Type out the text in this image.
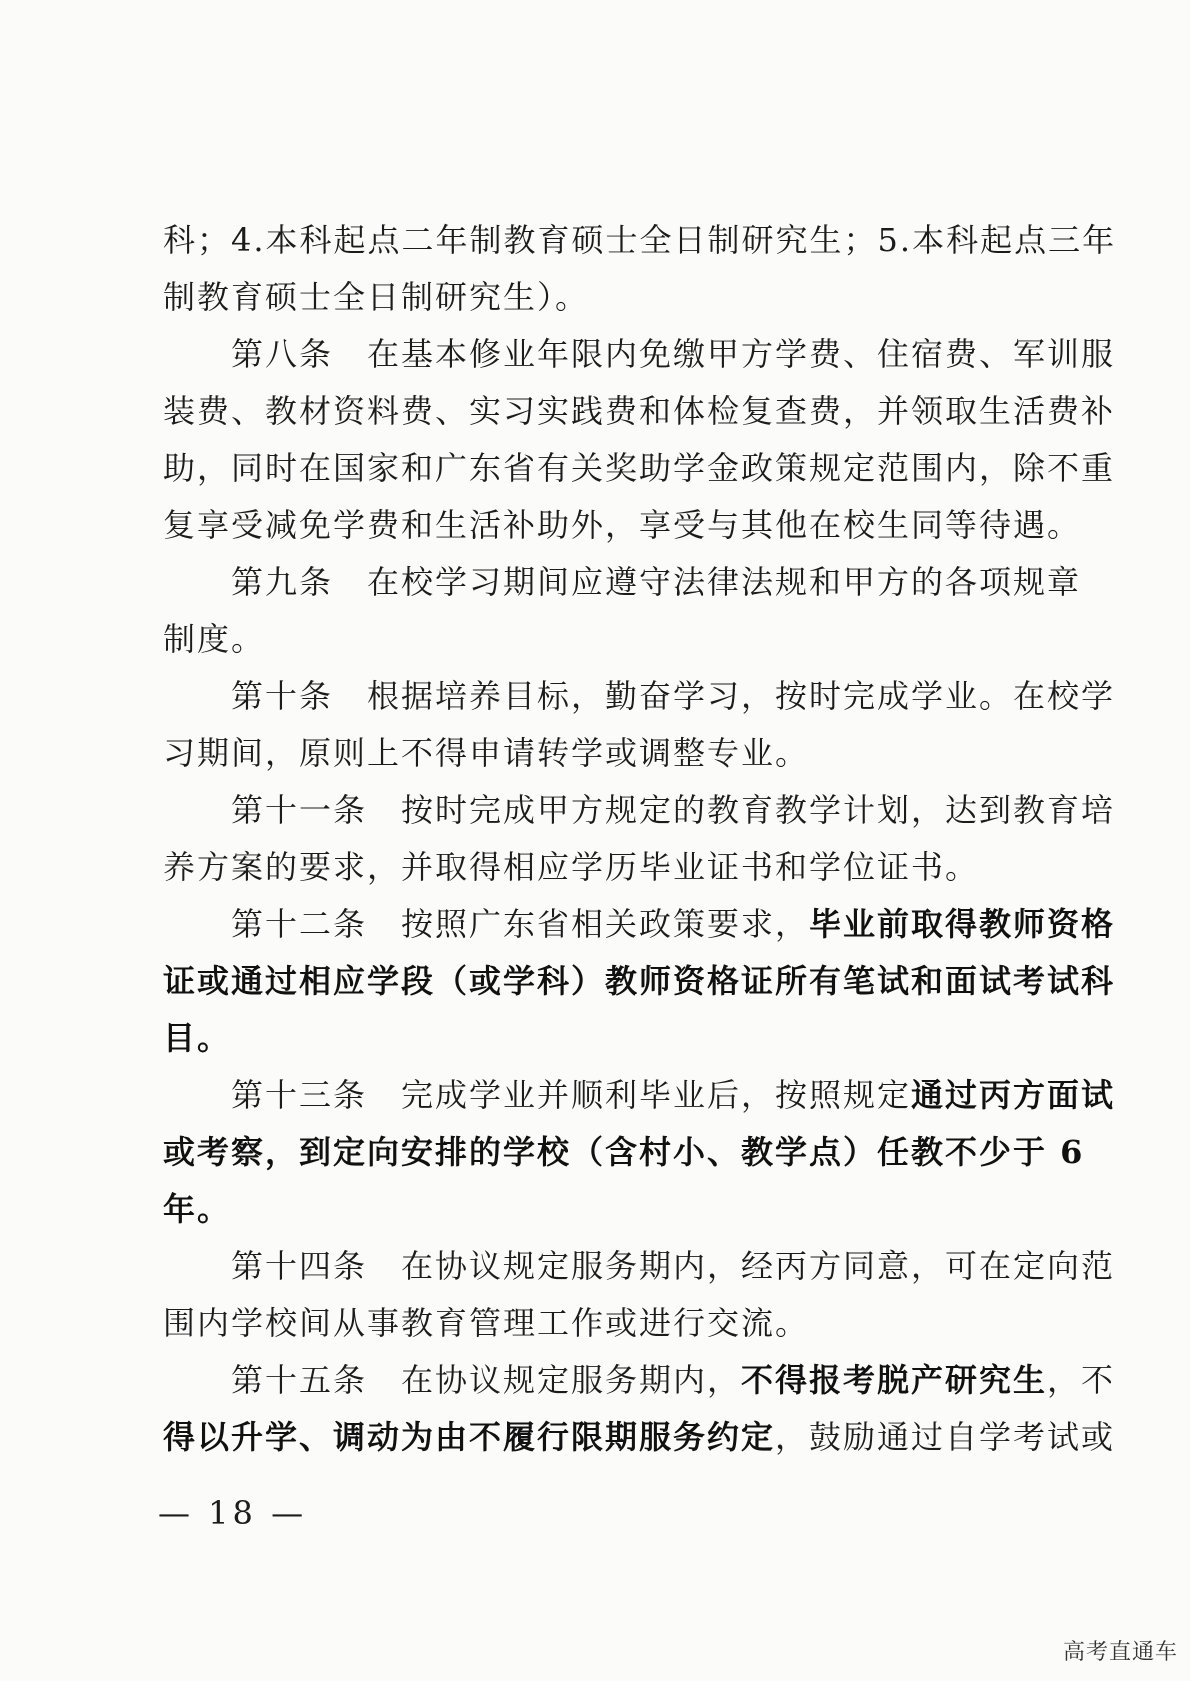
科；4.本科起点二年制教育硕士全日制研究生；5.本科起点三年
制教育硕士全日制研究生）。
　　第八条　在基本修业年限内免缴甲方学费、住宿费、军训服
装费、教材资料费、实习实践费和体检复查费，并领取生活费补
助，同时在国家和广东省有关奖助学金政策规定范围内，除不重
复享受减免学费和生活补助外，享受与其他在校生同等待遇。
　　第九条　在校学习期间应遵守法律法规和甲方的各项规章
制度。
　　第十条　根据培养目标，勤奋学习，按时完成学业。在校学
习期间，原则上不得申请转学或调整专业。
　　第十一条　按时完成甲方规定的教育教学计划，达到教育培
养方案的要求，并取得相应学历毕业证书和学位证书。
　　第十二条　按照广东省相关政策要求，毕业前取得教师资格
证或通过相应学段（或学科）教师资格证所有笔试和面试考试科
目。
　　第十三条　完成学业并顺利毕业后，按照规定通过丙方面试
或考察，到定向安排的学校（含村小、教学点）任教不少于 6
年。
　　第十四条　在协议规定服务期内，经丙方同意，可在定向范
围内学校间从事教育管理工作或进行交流。
　　第十五条　在协议规定服务期内，不得报考脱产研究生，不
得以升学、调动为由不履行限期服务约定，鼓励通过自学考试或
— 18 —
高考直通车
